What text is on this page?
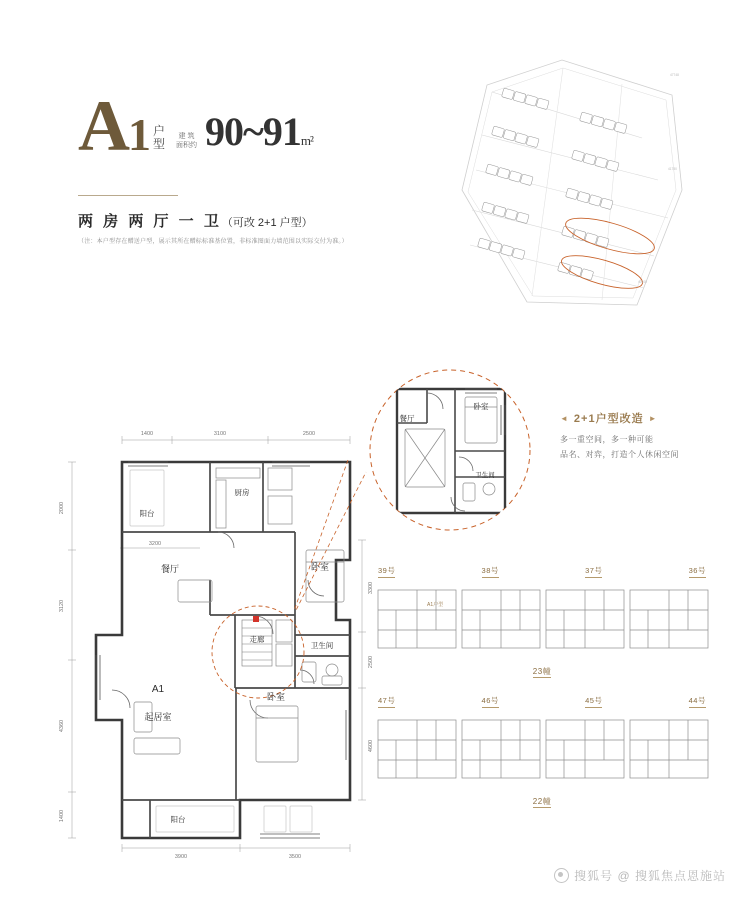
A1 户
型
建 筑
面积约 90~91m²
两 房 两 厅 一 卫（可改 2+1 户型）
（注：本户型存在赠送户型，展示其所在赠标标准基位置，非标准图面力墙范围以实际交付为准。）
47748
41780
40100
1400	3100	2500
2000
3120
4360
1400
3300
2500
4600
3900	3500
3200
阳台
厨房
餐厅	卧室
走廊
卫生间
起居室
卧室
阳台
A1
餐厅
卧室
卫生间
◄ 2+1户型改造 ►
多一重空间，多一种可能
品名、对弈，打造个人休闲空间
39号	38号	37号	36号
A1户型
23幢
47号	46号	45号	44号
22幢
搜狐号 @ 搜狐焦点恩施站
